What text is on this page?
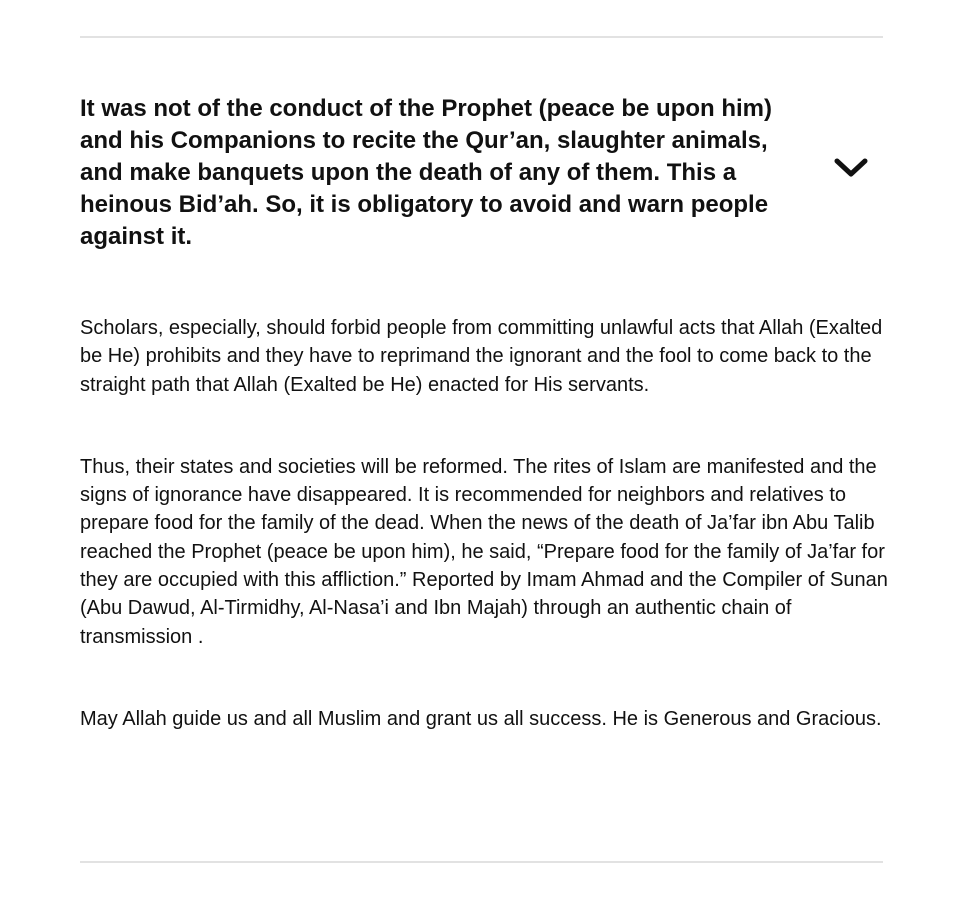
It was not of the conduct of the Prophet (peace be upon him) and his Companions to recite the Qur’an, slaughter animals, and make banquets upon the death of any of them. This a heinous Bid’ah. So, it is obligatory to avoid and warn people against it.

Scholars, especially, should forbid people from committing unlawful acts that Allah (Exalted be He) prohibits and they have to reprimand the ignorant and the fool to come back to the straight path that Allah (Exalted be He) enacted for His servants.

Thus, their states and societies will be reformed. The rites of Islam are manifested and the signs of ignorance have disappeared. It is recommended for neighbors and relatives to prepare food for the family of the dead. When the news of the death of Ja’far ibn Abu Talib reached the Prophet (peace be upon him), he said, “Prepare food for the family of Ja’far for they are occupied with this affliction.” Reported by Imam Ahmad and the Compiler of Sunan (Abu Dawud, Al-Tirmidhy, Al-Nasa’i and Ibn Majah) through an authentic chain of transmission .

May Allah guide us and all Muslim and grant us all success. He is Generous and Gracious.
